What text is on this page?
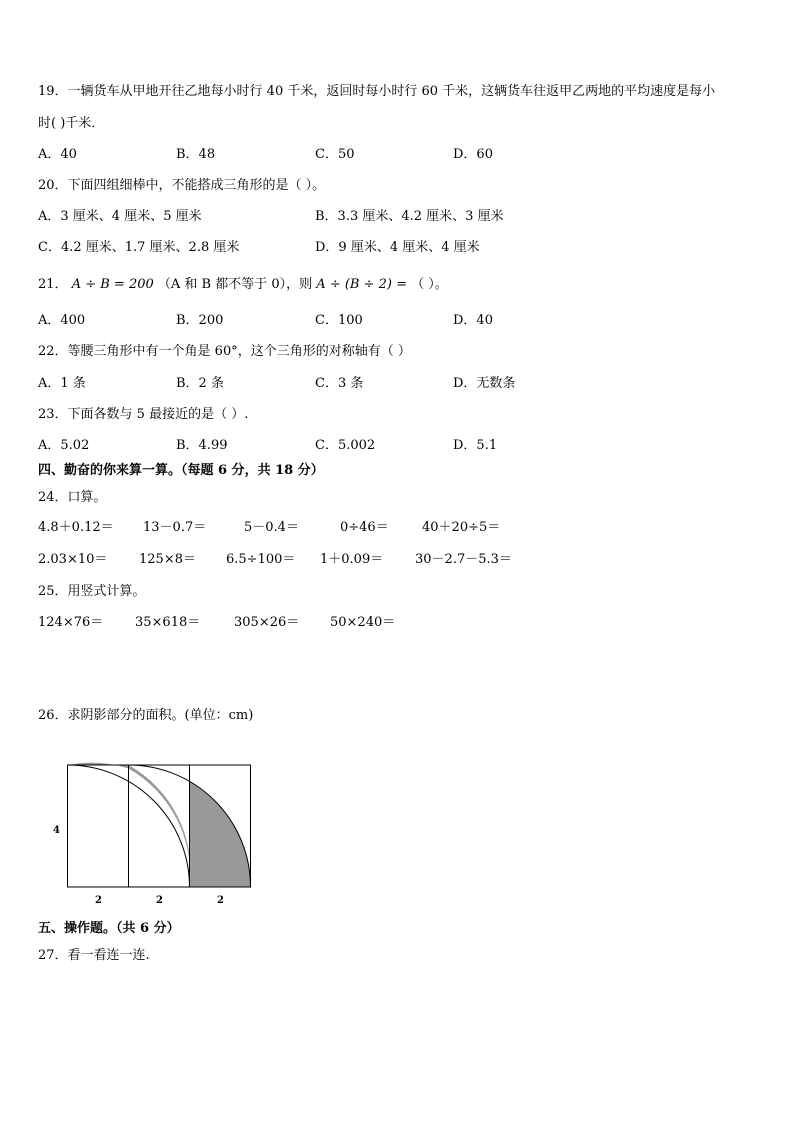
19．一辆货车从甲地开往乙地每小时行 40 千米，返回时每小时行 60 千米，这辆货车往返甲乙两地的平均速度是每小
时( )千米．
A．40	B．48	C．50	D．60
20．下面四组细棒中，不能搭成三角形的是（ ）。
A．3 厘米、4 厘米、5 厘米	B．3.3 厘米、4.2 厘米、3 厘米
C．4.2 厘米、1.7 厘米、2.8 厘米	D．9 厘米、4 厘米、4 厘米
21． A ÷ B = 200 （A 和 B 都不等于 0），则 A ÷ (B ÷ 2) = （ ）。
A．400	B．200	C．100	D．40
22．等腰三角形中有一个角是 60°，这个三角形的对称轴有（ ）
A．1 条	B．2 条	C．3 条	D．无数条
23．下面各数与 5 最接近的是（ ）.
A．5.02	B．4.99	C．5.002	D．5.1
四、勤奋的你来算一算。（每题 6 分，共 18 分）
24．口算。
4.8＋0.12＝ 13－0.7＝	5－0.4＝	0÷46＝	40＋20÷5＝
2.03×10＝ 125×8＝ 6.5÷100＝ 1＋0.09＝ 30－2.7－5.3＝
25．用竖式计算。
124×76＝ 35×618＝	305×26＝ 50×240＝
26．求阴影部分的面积。(单位：cm)
4
2	2	2
五、操作题。（共 6 分）
27．看一看连一连.
